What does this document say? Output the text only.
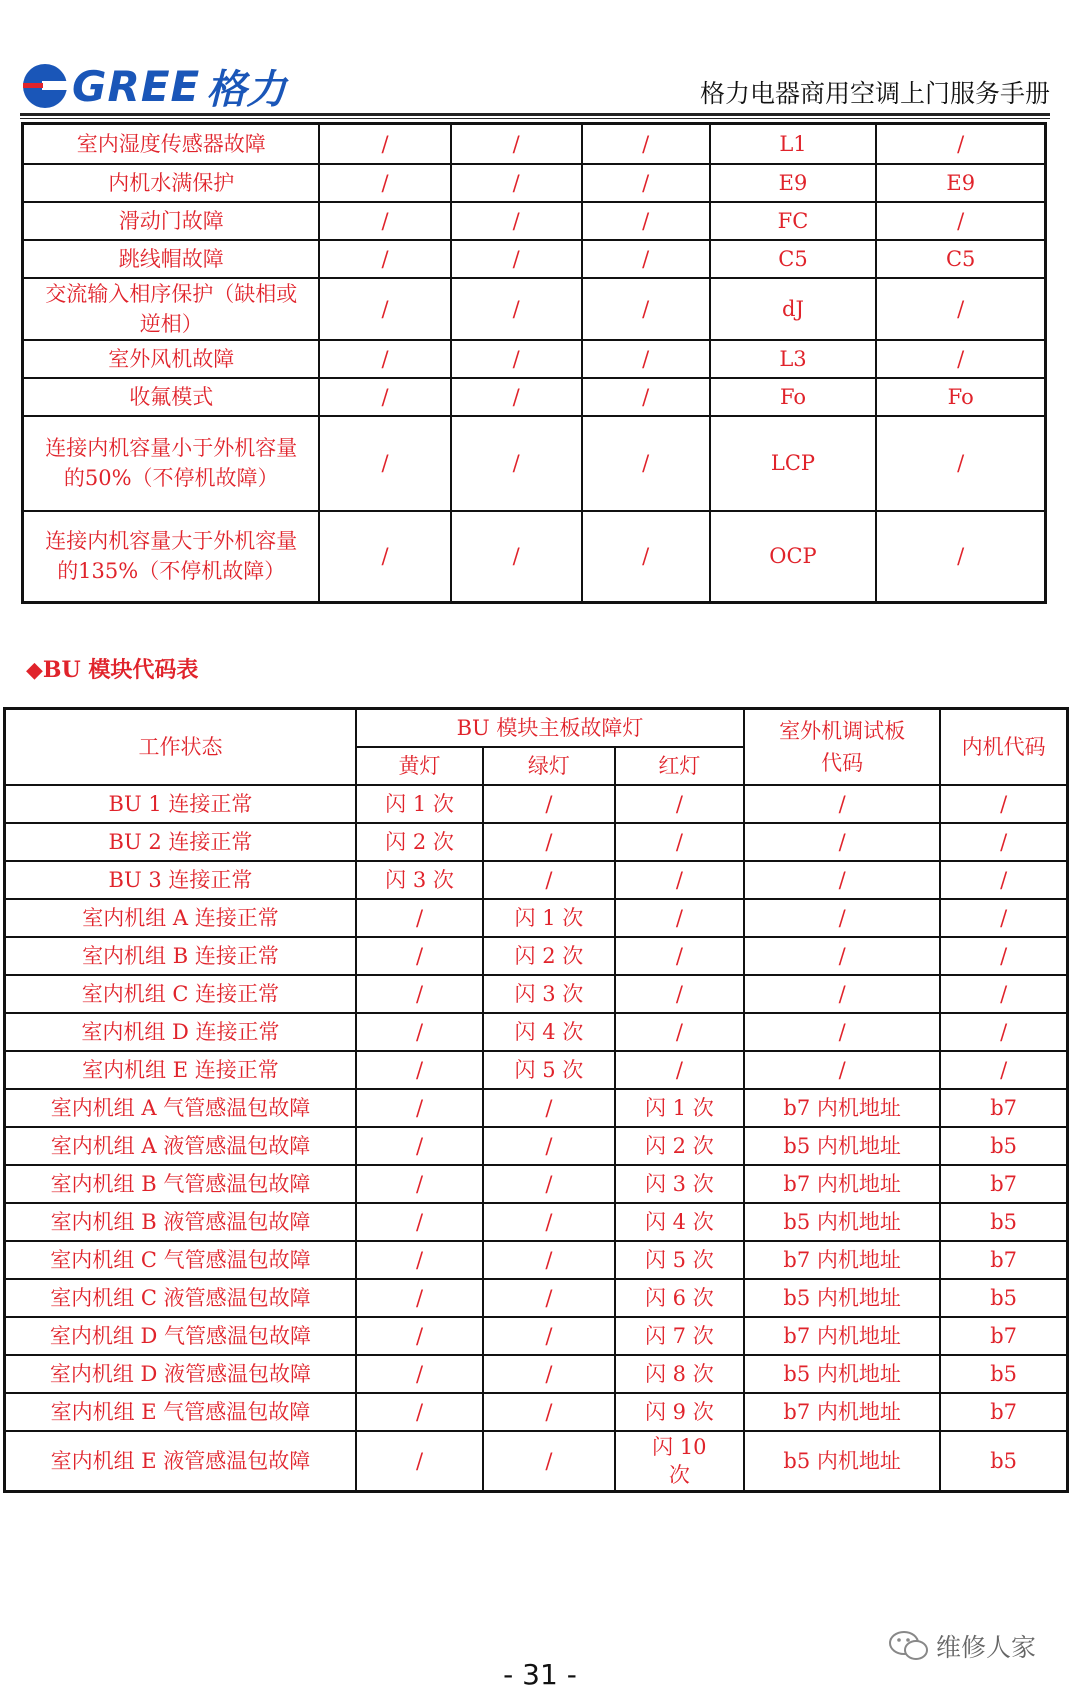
GREE 格力	格力电器商用空调上门服务手册
室内湿度传感器故障	/	/	/	L1	/
内机水满保护	/	/	/	E9	E9
滑动门故障	/	/	/	FC	/
跳线帽故障	/	/	/	C5	C5
交流输入相序保护（缺相或逆相）	/	/	/	dJ	/
室外风机故障	/	/	/	L3	/
收氟模式	/	/	/	Fo	Fo
连接内机容量小于外机容量的50%（不停机故障）	/	/	/	LCP	/
连接内机容量大于外机容量的135%（不停机故障）	/	/	/	OCP	/
◆BU 模块代码表
工作状态	BU 模块主板故障灯			室外机调试板代码	内机代码
	黄灯	绿灯	红灯		
BU 1 连接正常	闪 1 次	/	/	/	/
BU 2 连接正常	闪 2 次	/	/	/	/
BU 3 连接正常	闪 3 次	/	/	/	/
室内机组 A 连接正常	/	闪 1 次	/	/	/
室内机组 B 连接正常	/	闪 2 次	/	/	/
室内机组 C 连接正常	/	闪 3 次	/	/	/
室内机组 D 连接正常	/	闪 4 次	/	/	/
室内机组 E 连接正常	/	闪 5 次	/	/	/
室内机组 A 气管感温包故障	/	/	闪 1 次	b7 内机地址	b7
室内机组 A 液管感温包故障	/	/	闪 2 次	b5 内机地址	b5
室内机组 B 气管感温包故障	/	/	闪 3 次	b7 内机地址	b7
室内机组 B 液管感温包故障	/	/	闪 4 次	b5 内机地址	b5
室内机组 C 气管感温包故障	/	/	闪 5 次	b7 内机地址	b7
室内机组 C 液管感温包故障	/	/	闪 6 次	b5 内机地址	b5
室内机组 D 气管感温包故障	/	/	闪 7 次	b7 内机地址	b7
室内机组 D 液管感温包故障	/	/	闪 8 次	b5 内机地址	b5
室内机组 E 气管感温包故障	/	/	闪 9 次	b7 内机地址	b7
室内机组 E 液管感温包故障	/	/	闪 10 次	b5 内机地址	b5
维修人家
- 31 -
